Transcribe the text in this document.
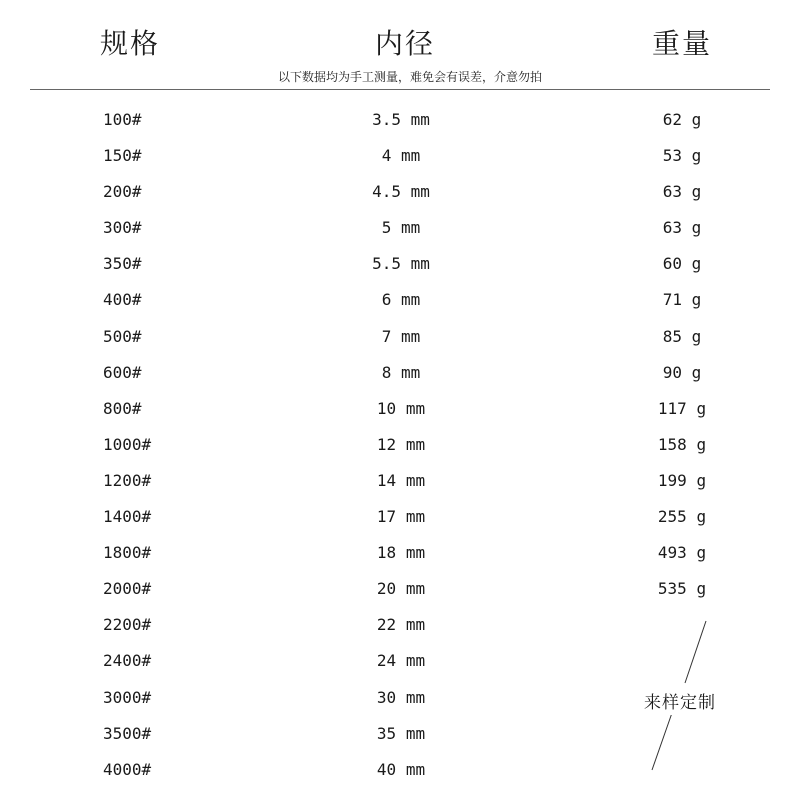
规格	内径	重量
以下数据均为手工测量，难免会有误差，介意勿拍
100#	3.5 mm	62 g
150#	4 mm	53 g
200#	4.5 mm	63 g
300#	5 mm	63 g
350#	5.5 mm	60 g
400#	6 mm	71 g
500#	7 mm	85 g
600#	8 mm	90 g
800#	10 mm	117 g
1000#	12 mm	158 g
1200#	14 mm	199 g
1400#	17 mm	255 g
1800#	18 mm	493 g
2000#	20 mm	535 g
2200#	22 mm
2400#	24 mm
3000#	30 mm
3500#	35 mm
4000#	40 mm
来样定制
